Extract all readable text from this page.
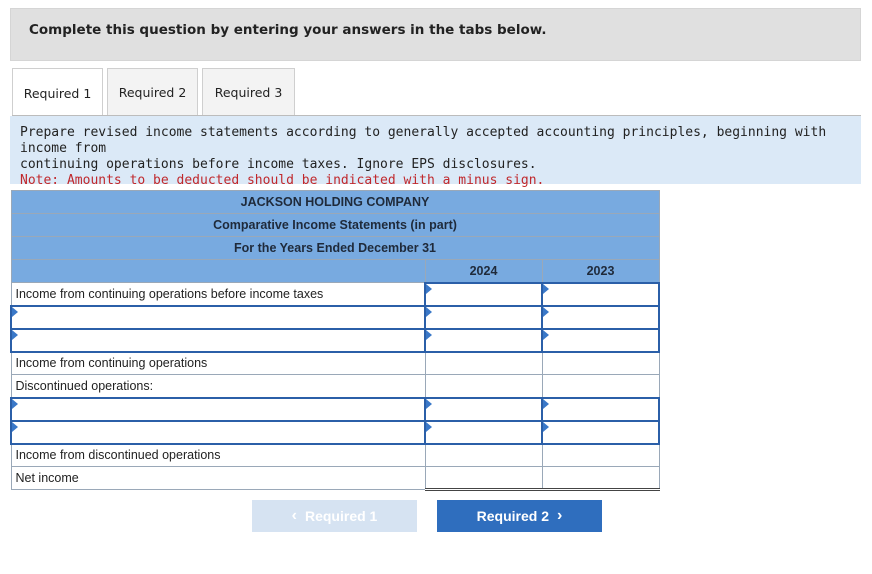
Complete this question by entering your answers in the tabs below.
Required 1 Required 2 Required 3
Prepare revised income statements according to generally accepted accounting principles, beginning with income from
continuing operations before income taxes. Ignore EPS disclosures.
Note: Amounts to be deducted should be indicated with a minus sign.
JACKSON HOLDING COMPANY		
Comparative Income Statements (in part)		
For the Years Ended December 31		
	2024	2023
Income from continuing operations before income taxes	

Income from continuing operations		
Discontinued operations:		

Income from discontinued operations		
Net income		
‹ Required 1	Required 2 ›
